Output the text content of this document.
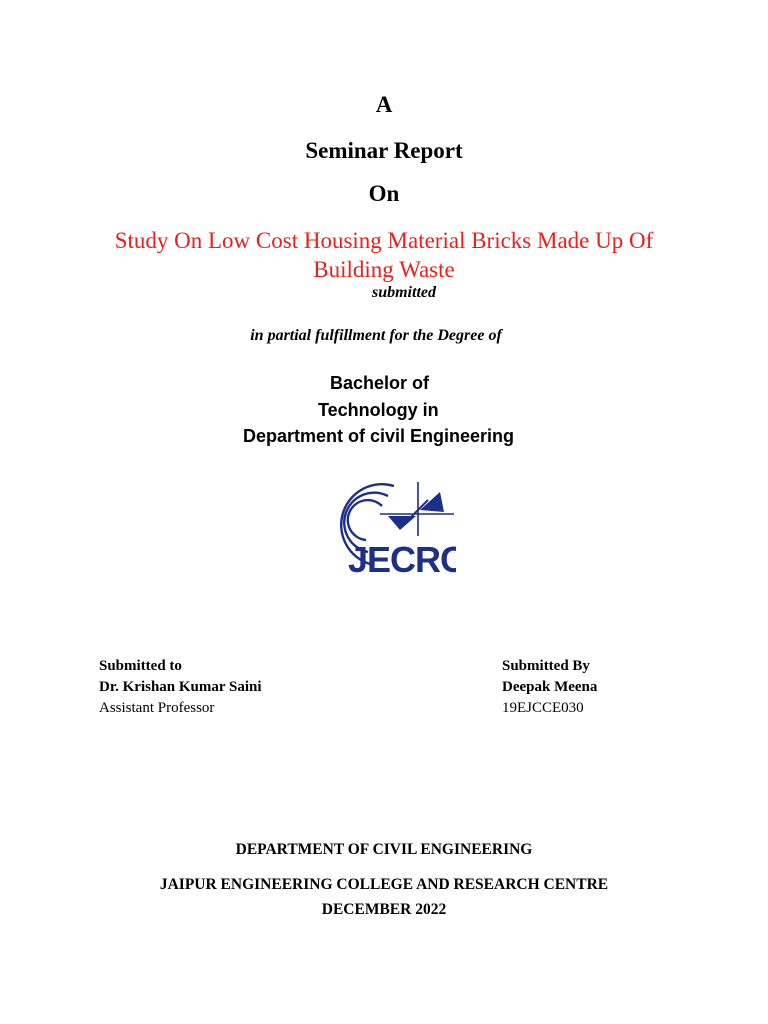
A
Seminar Report
On
Study On Low Cost Housing Material Bricks Made Up Of
Building Waste
submitted
in partial fulfillment for the Degree of
Bachelor of
Technology in
Department of civil Engineering
JECRC
Submitted to
Dr. Krishan Kumar Saini
Assistant Professor
Submitted By
Deepak Meena
19EJCCE030
DEPARTMENT OF CIVIL ENGINEERING
JAIPUR ENGINEERING COLLEGE AND RESEARCH CENTRE
DECEMBER 2022
